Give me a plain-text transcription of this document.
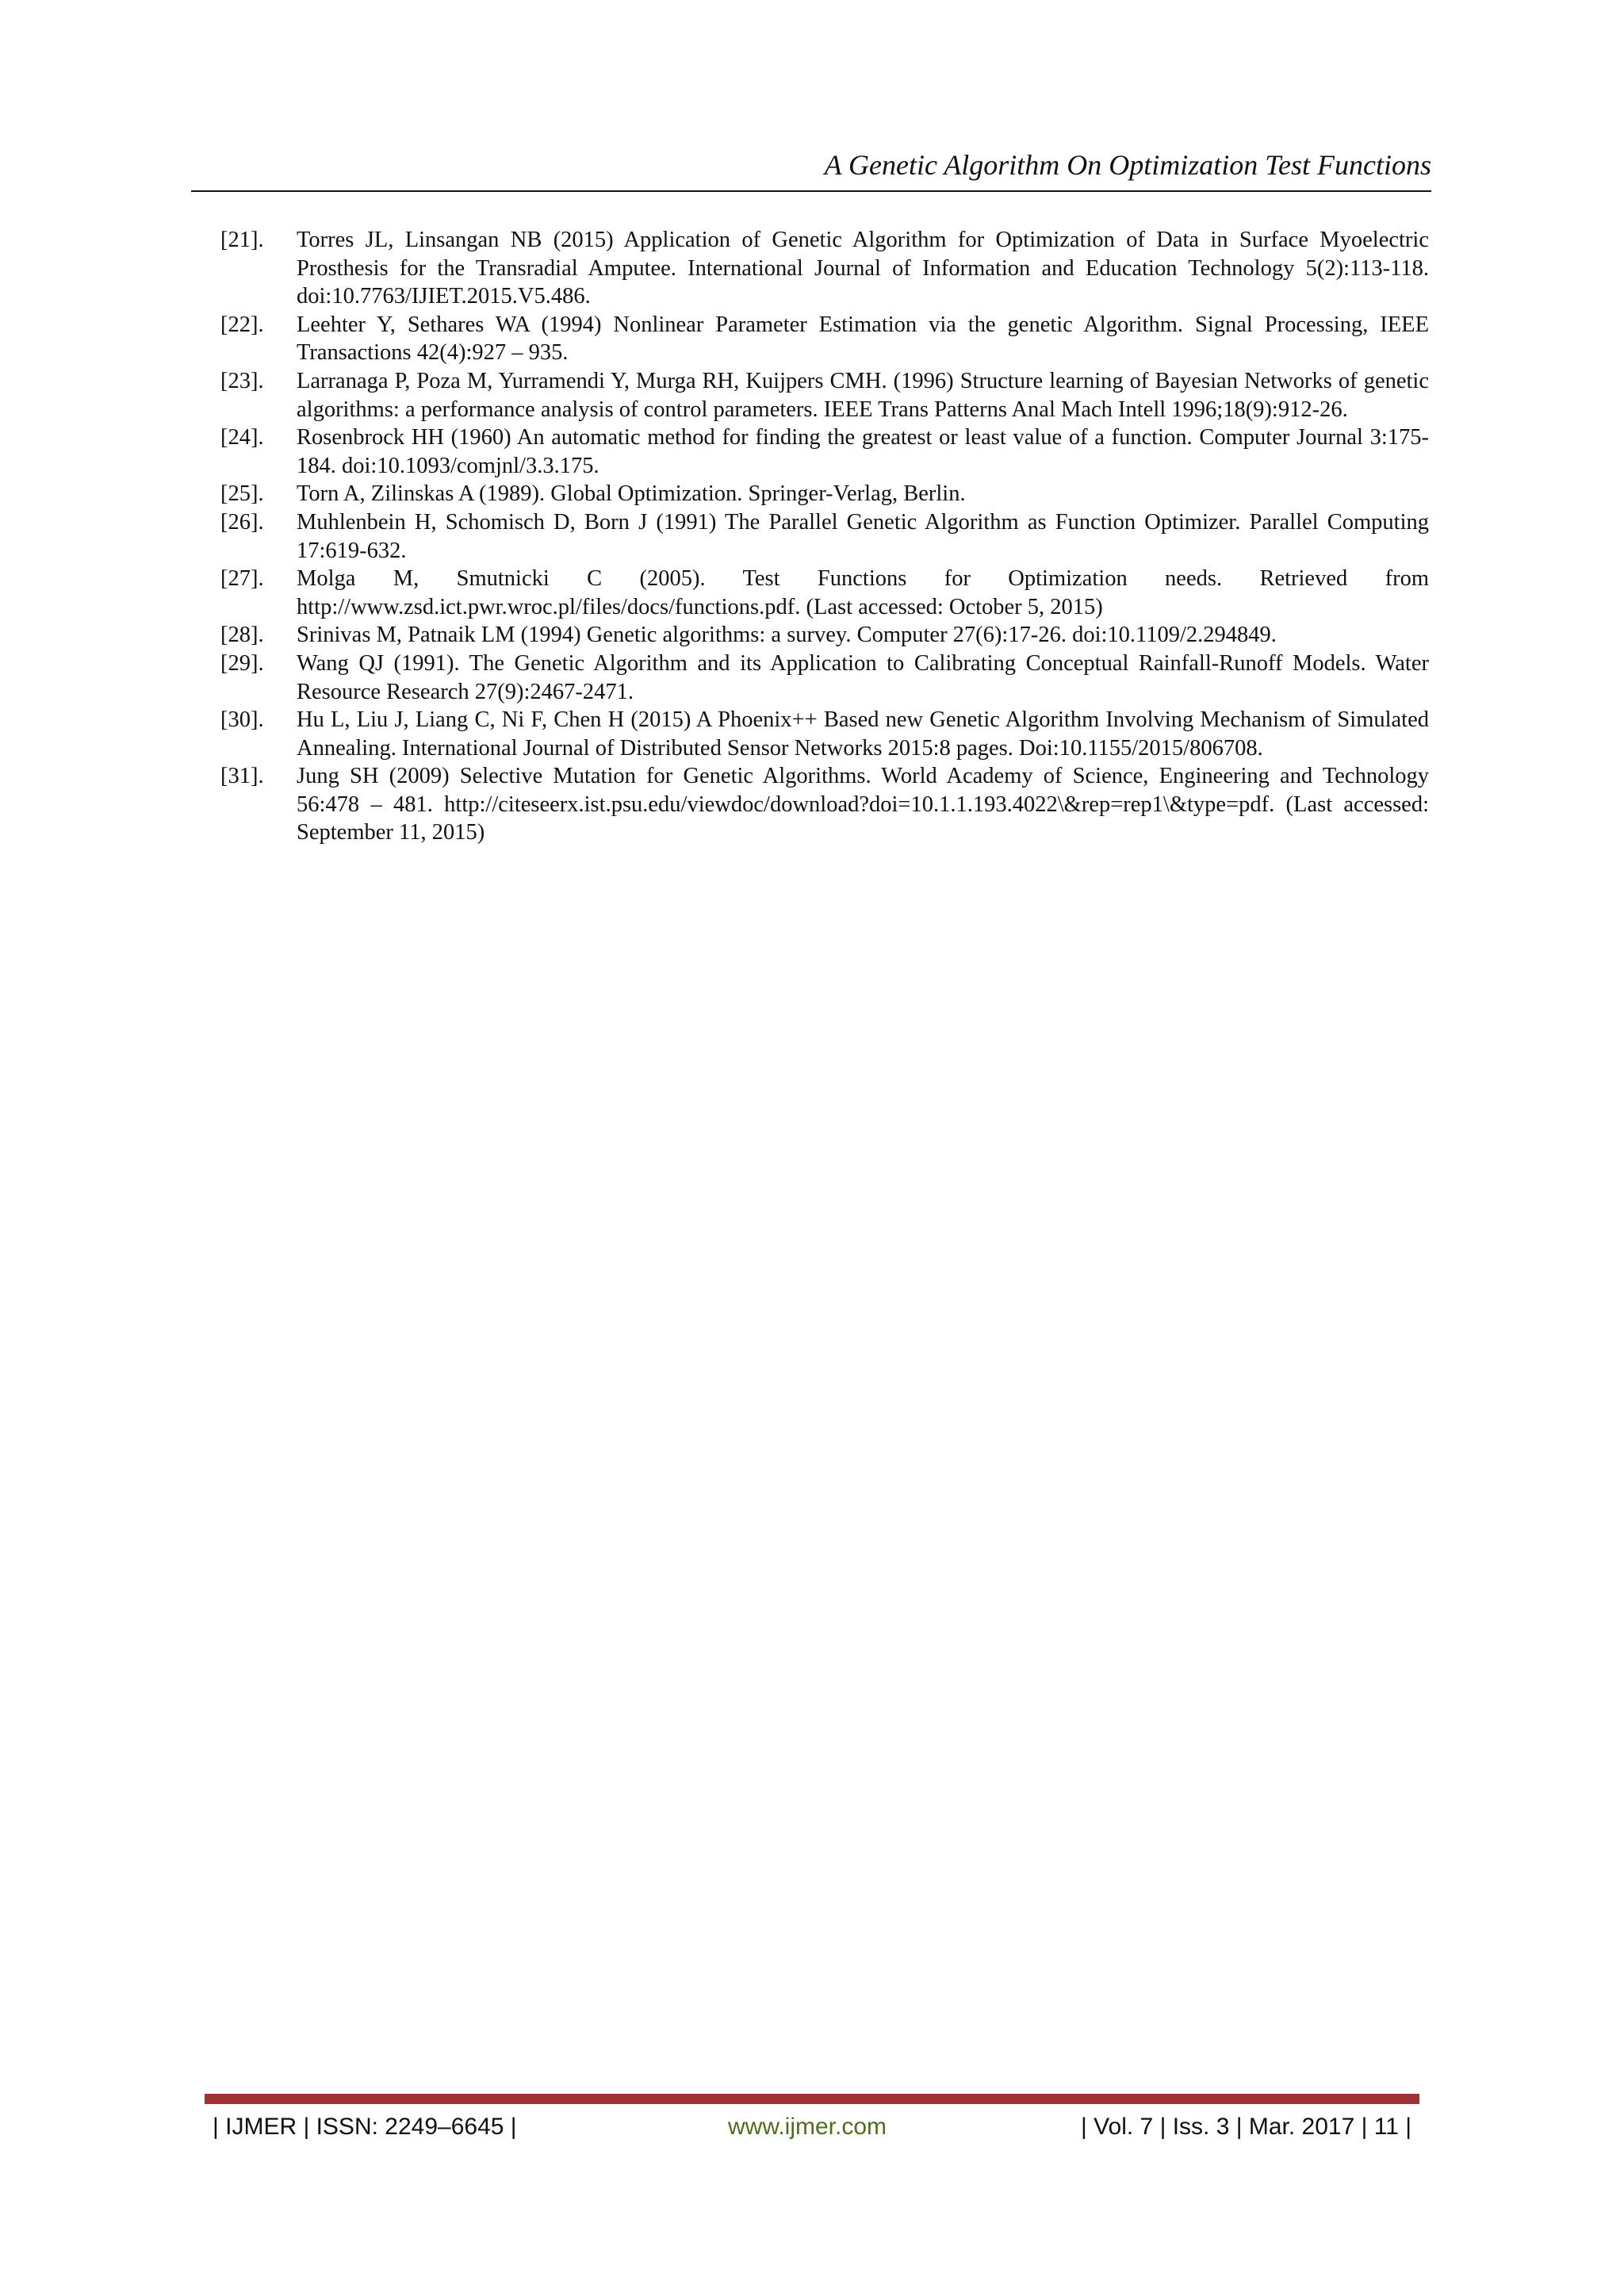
A Genetic Algorithm On Optimization Test Functions
[21]. Torres JL, Linsangan NB (2015) Application of Genetic Algorithm for Optimization of Data in Surface Myoelectric Prosthesis for the Transradial Amputee. International Journal of Information and Education Technology 5(2):113-118. doi:10.7763/IJIET.2015.V5.486.
[22]. Leehter Y, Sethares WA (1994) Nonlinear Parameter Estimation via the genetic Algorithm. Signal Processing, IEEE Transactions 42(4):927 – 935.
[23]. Larranaga P, Poza M, Yurramendi Y, Murga RH, Kuijpers CMH. (1996) Structure learning of Bayesian Networks of genetic algorithms: a performance analysis of control parameters. IEEE Trans Patterns Anal Mach Intell 1996;18(9):912-26.
[24]. Rosenbrock HH (1960) An automatic method for finding the greatest or least value of a function. Computer Journal 3:175-184. doi:10.1093/comjnl/3.3.175.
[25]. Torn A, Zilinskas A (1989). Global Optimization. Springer-Verlag, Berlin.
[26]. Muhlenbein H, Schomisch D, Born J (1991) The Parallel Genetic Algorithm as Function Optimizer. Parallel Computing 17:619-632.
[27]. Molga M, Smutnicki C (2005). Test Functions for Optimization needs. Retrieved from http://www.zsd.ict.pwr.wroc.pl/files/docs/functions.pdf. (Last accessed: October 5, 2015)
[28]. Srinivas M, Patnaik LM (1994) Genetic algorithms: a survey. Computer 27(6):17-26. doi:10.1109/2.294849.
[29]. Wang QJ (1991). The Genetic Algorithm and its Application to Calibrating Conceptual Rainfall-Runoff Models. Water Resource Research 27(9):2467-2471.
[30]. Hu L, Liu J, Liang C, Ni F, Chen H (2015) A Phoenix++ Based new Genetic Algorithm Involving Mechanism of Simulated Annealing. International Journal of Distributed Sensor Networks 2015:8 pages. Doi:10.1155/2015/806708.
[31]. Jung SH (2009) Selective Mutation for Genetic Algorithms. World Academy of Science, Engineering and Technology 56:478 – 481. http://citeseerx.ist.psu.edu/viewdoc/download?doi=10.1.1.193.4022\&rep=rep1\&type=pdf. (Last accessed: September 11, 2015)
| IJMER | ISSN: 2249–6645 |	www.ijmer.com	| Vol. 7 | Iss. 3 | Mar. 2017 | 11 |
